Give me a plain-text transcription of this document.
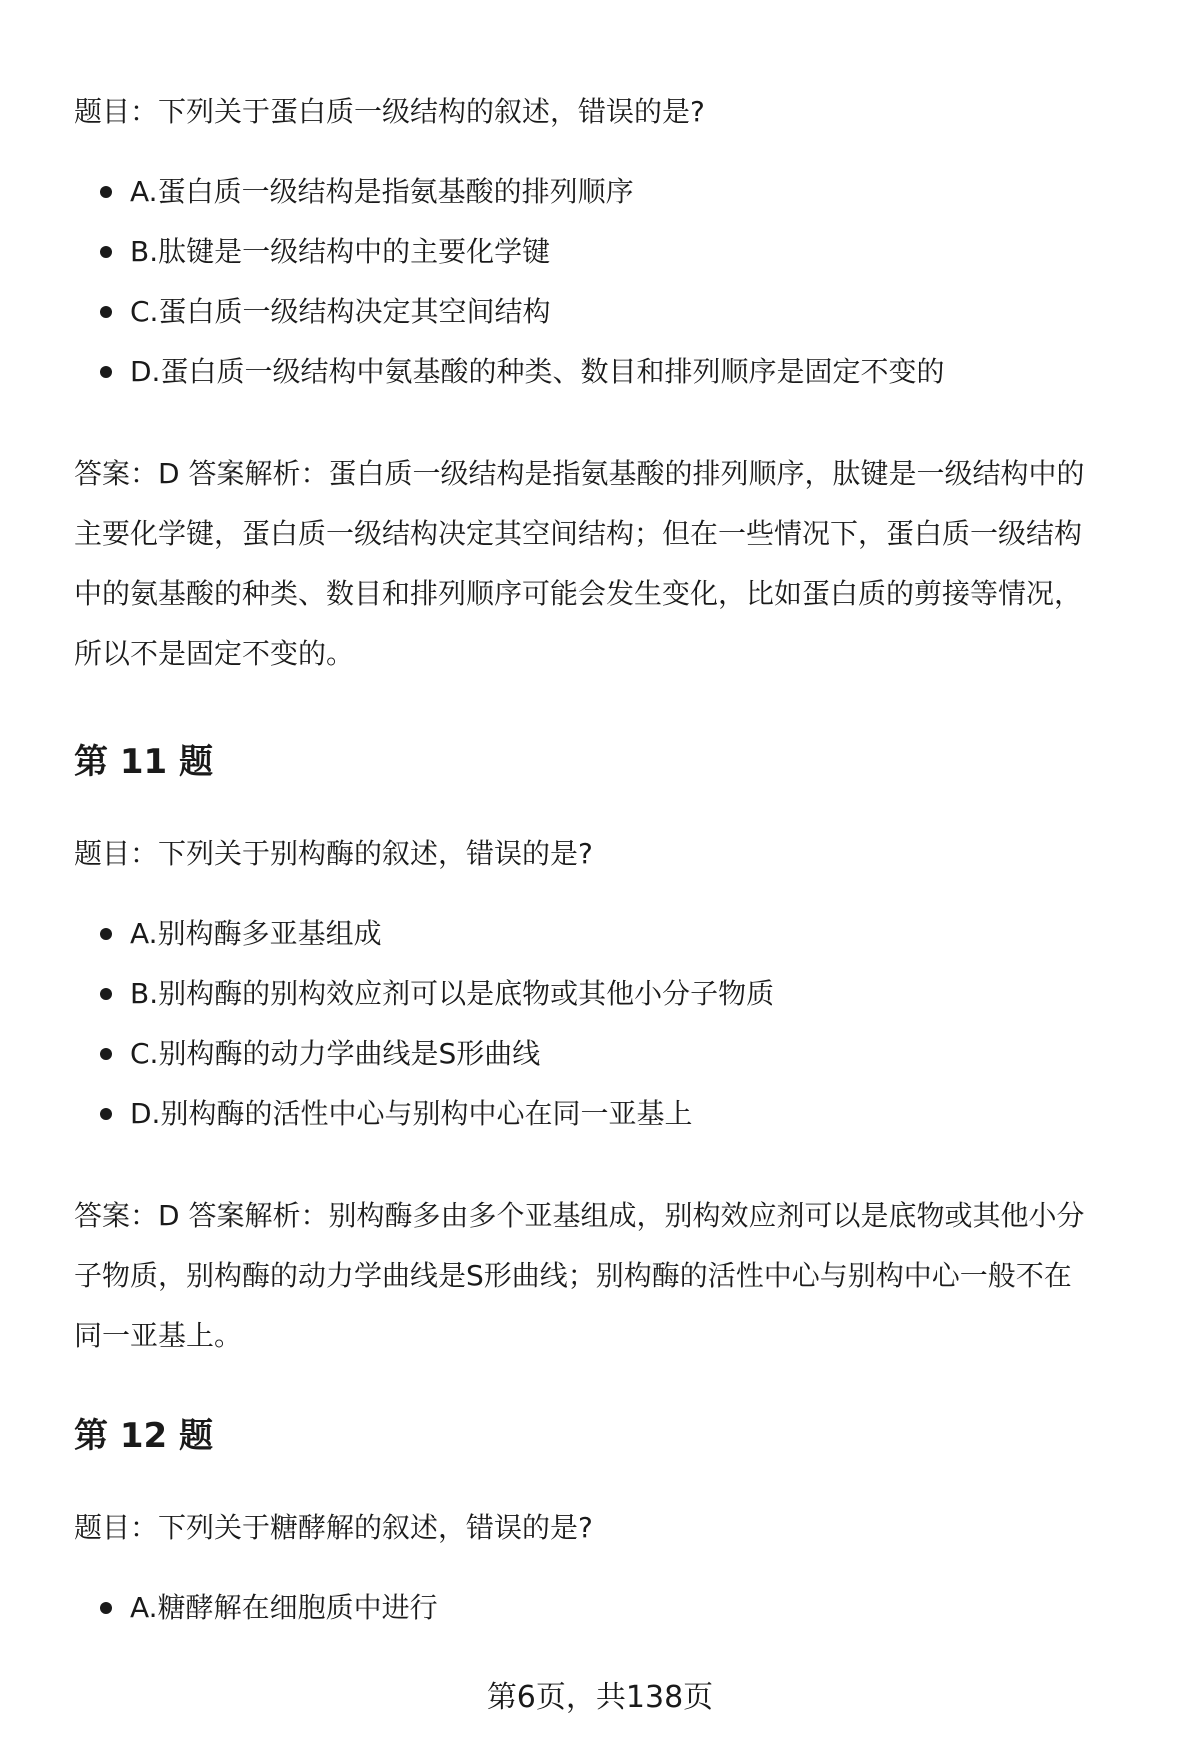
题目：下列关于蛋白质一级结构的叙述，错误的是?

A.蛋白质一级结构是指氨基酸的排列顺序
B.肽键是一级结构中的主要化学键
C.蛋白质一级结构决定其空间结构
D.蛋白质一级结构中氨基酸的种类、数目和排列顺序是固定不变的

答案：D 答案解析：蛋白质一级结构是指氨基酸的排列顺序，肽键是一级结构中的

主要化学键，蛋白质一级结构决定其空间结构；但在一些情况下，蛋白质一级结构

中的氨基酸的种类、数目和排列顺序可能会发生变化，比如蛋白质的剪接等情况，

所以不是固定不变的。

第 11 题

题目：下列关于别构酶的叙述，错误的是?

A.别构酶多亚基组成
B.别构酶的别构效应剂可以是底物或其他小分子物质
C.别构酶的动力学曲线是S形曲线
D.别构酶的活性中心与别构中心在同一亚基上

答案：D 答案解析：别构酶多由多个亚基组成，别构效应剂可以是底物或其他小分

子物质，别构酶的动力学曲线是S形曲线；别构酶的活性中心与别构中心一般不在

同一亚基上。

第 12 题

题目：下列关于糖酵解的叙述，错误的是?

A.糖酵解在细胞质中进行
第6页，共138页
